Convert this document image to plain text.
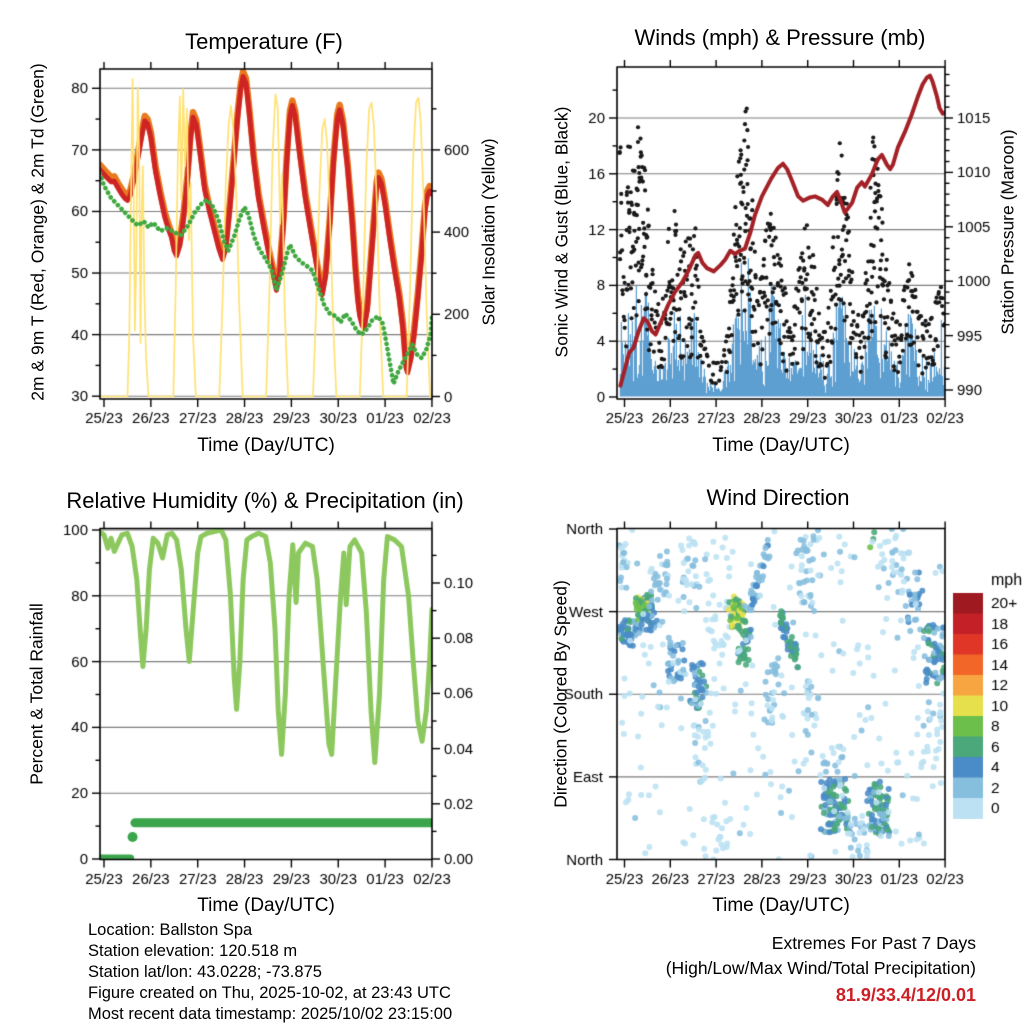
Temperature (F)	Winds (mph) & Pressure (mb)
Relative Humidity (%) & Precipitation (in)	Wind Direction
2m & 9m T (Red, Orange) & 2m Td (Green)	Solar Insolation (Yellow)	Sonic Wind & Gust (Blue, Black)	Station Pressure (Maroon)
Percent & Total Rainfall	Direction (Colored By Speed)
Time (Day/UTC)	Time (Day/UTC)
Time (Day/UTC)	Time (Day/UTC)
Location: Ballston Spa
Station elevation: 120.518 m
Station lat/lon: 43.0228; -73.875
Figure created on Thu, 2025-10-02, at 23:43 UTC
Most recent data timestamp: 2025/10/02 23:15:00
Extremes For Past 7 Days
(High/Low/Max Wind/Total Precipitation)
81.9/33.4/12/0.01
